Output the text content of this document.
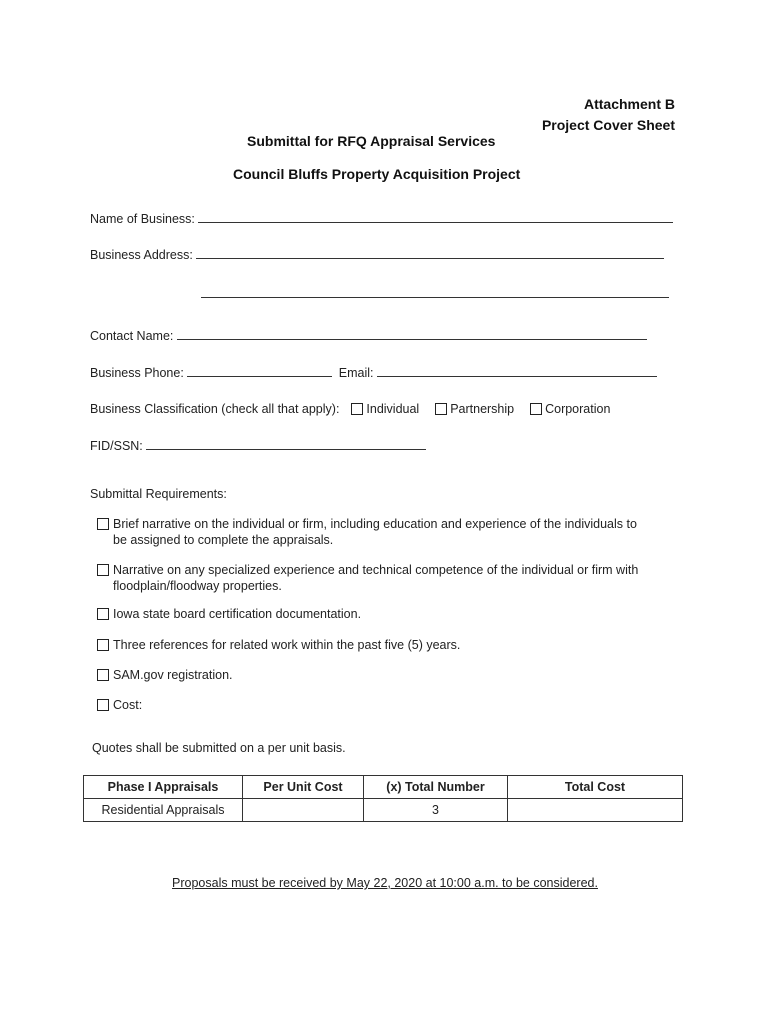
Attachment B
Project Cover Sheet
Submittal for RFQ Appraisal Services
Council Bluffs Property Acquisition Project
Name of Business:
Business Address:
Contact Name:
Business Phone:	Email:
Business Classification (check all that apply): Individual Partnership Corporation
FID/SSN:
Submittal Requirements:
Brief narrative on the individual or firm, including education and experience of the individuals to
be assigned to complete the appraisals.
Narrative on any specialized experience and technical competence of the individual or firm with
floodplain/floodway properties.
Iowa state board certification documentation.
Three references for related work within the past five (5) years.
SAM.gov registration.
Cost:
Quotes shall be submitted on a per unit basis.
Phase I Appraisals	Per Unit Cost	(x) Total Number	Total Cost
Residential Appraisals		3	
Proposals must be received by May 22, 2020 at 10:00 a.m. to be considered.
